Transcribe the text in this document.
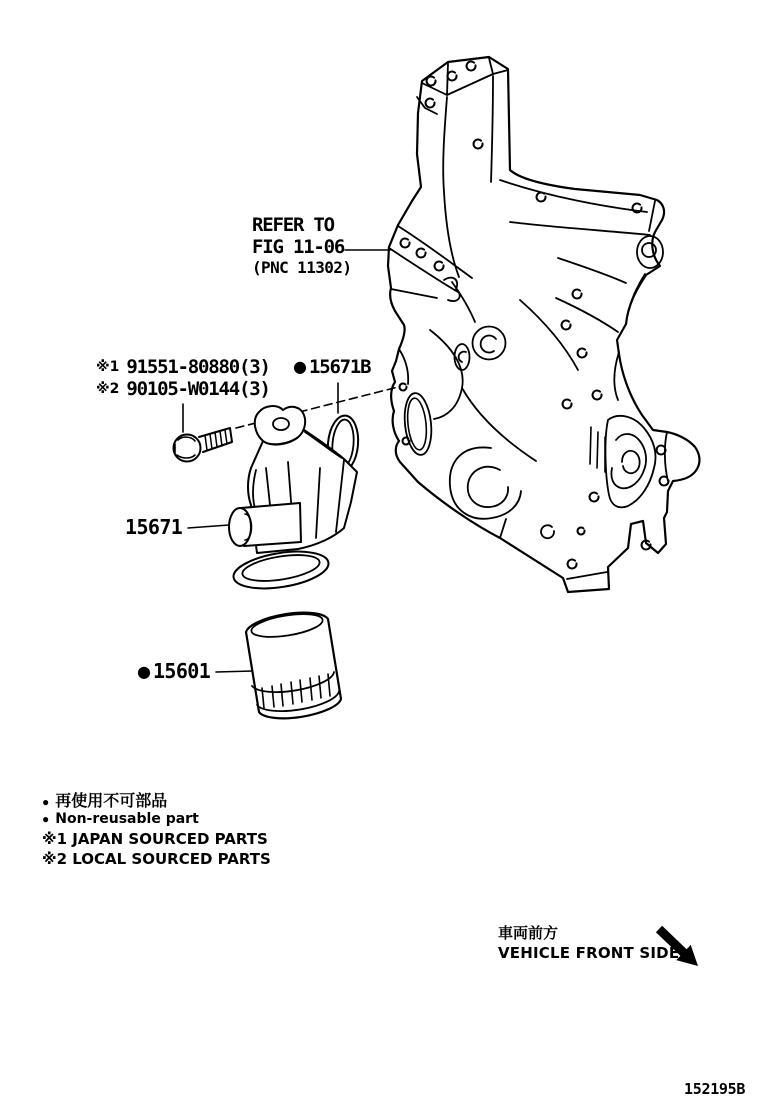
REFER TO
FIG 11-06
(PNC 11302)
※1 91551-80880(3)
※2 90105-W0144(3)
● 15671B
15671
● 15601
● 再使用不可部品
● Non-reusable part
※1 JAPAN SOURCED PARTS
※2 LOCAL SOURCED PARTS
車両前方
VEHICLE FRONT SIDE
152195B
